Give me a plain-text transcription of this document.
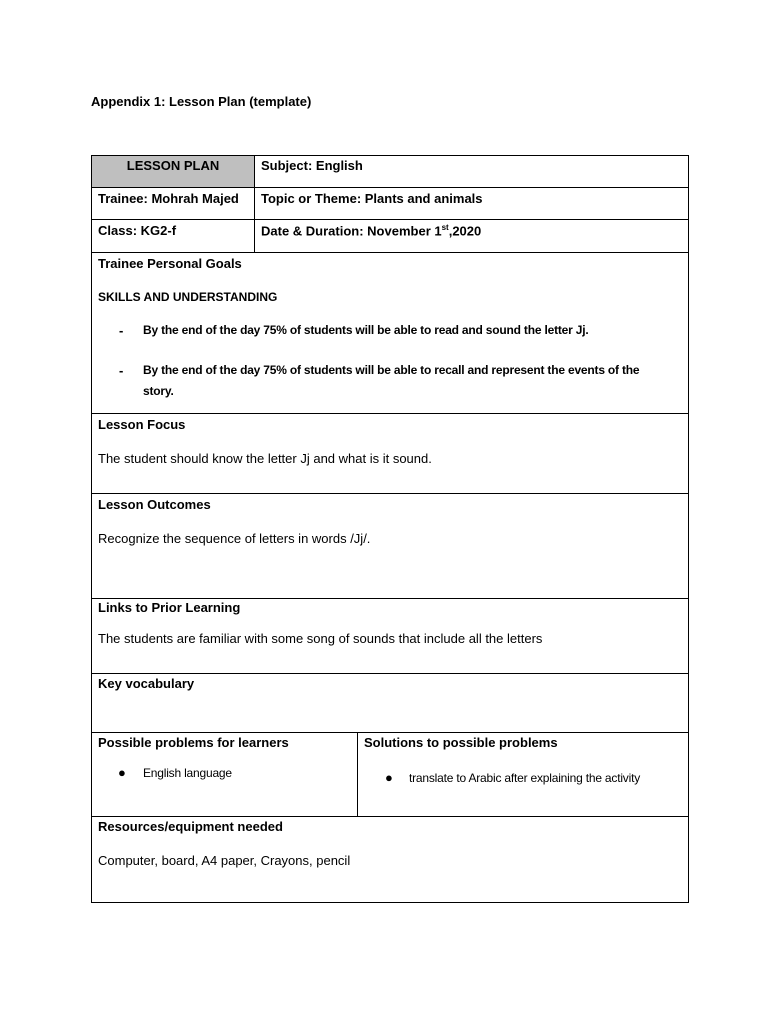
Appendix 1: Lesson Plan (template)
LESSON PLAN	Subject: English
Trainee: Mohrah Majed Topic or Theme: Plants and animals
Class: KG2-f	Date & Duration: November 1st,2020
Trainee Personal Goals
SKILLS AND UNDERSTANDING
- By the end of the day 75% of students will be able to read and sound the letter Jj.
- By the end of the day 75% of students will be able to recall and represent the events of the
story.
Lesson Focus
The student should know the letter Jj and what is it sound.
Lesson Outcomes
Recognize the sequence of letters in words /Jj/.
Links to Prior Learning
The students are familiar with some song of sounds that include all the letters
Key vocabulary
Possible problems for learners
● English language
Solutions to possible problems
● translate to Arabic after explaining the activity
Resources/equipment needed
Computer, board, A4 paper, Crayons, pencil
